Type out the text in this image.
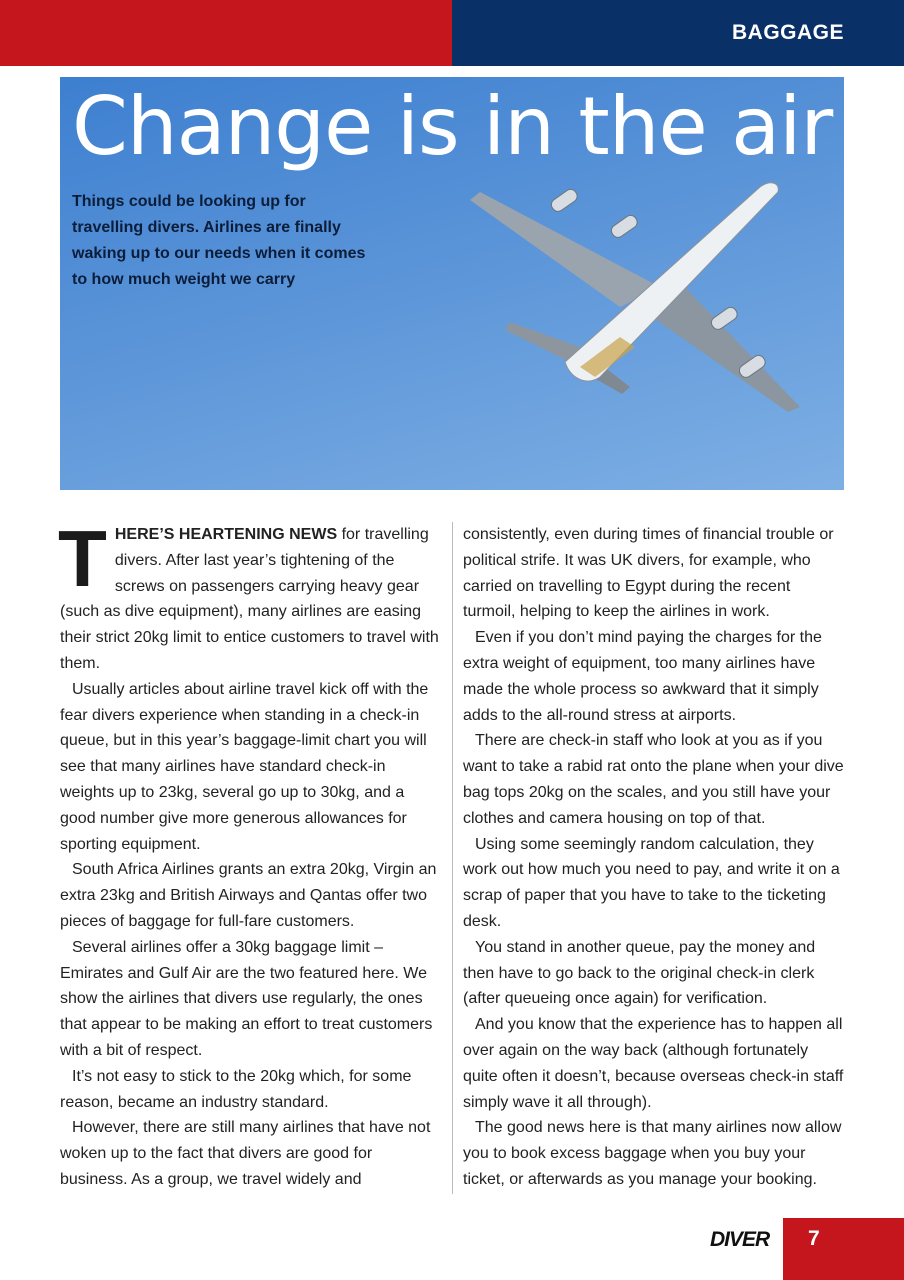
BAGGAGE
Change is in the air
Things could be looking up for travelling divers. Airlines are finally waking up to our needs when it comes to how much weight we carry

THERE’S HEARTENING NEWS for travelling divers. After last year’s tightening of the screws on passengers carrying heavy gear (such as dive equipment), many airlines are easing their strict 20kg limit to entice customers to travel with them.

Usually articles about airline travel kick off with the fear divers experience when standing in a check-in queue, but in this year’s baggage-limit chart you will see that many airlines have standard check-in weights up to 23kg, several go up to 30kg, and a good number give more generous allowances for sporting equipment.

South Africa Airlines grants an extra 20kg, Virgin an extra 23kg and British Airways and Qantas offer two pieces of baggage for full-fare customers.

Several airlines offer a 30kg baggage limit – Emirates and Gulf Air are the two featured here. We show the airlines that divers use regularly, the ones that appear to be making an effort to treat customers with a bit of respect.

It’s not easy to stick to the 20kg which, for some reason, became an industry standard.

However, there are still many airlines that have not woken up to the fact that divers are good for business. As a group, we travel widely and

consistently, even during times of financial trouble or political strife. It was UK divers, for example, who carried on travelling to Egypt during the recent turmoil, helping to keep the airlines in work.

Even if you don’t mind paying the charges for the extra weight of equipment, too many airlines have made the whole process so awkward that it simply adds to the all-round stress at airports.

There are check-in staff who look at you as if you want to take a rabid rat onto the plane when your dive bag tops 20kg on the scales, and you still have your clothes and camera housing on top of that.

Using some seemingly random calculation, they work out how much you need to pay, and write it on a scrap of paper that you have to take to the ticketing desk.

You stand in another queue, pay the money and then have to go back to the original check-in clerk (after queueing once again) for verification.

And you know that the experience has to happen all over again on the way back (although fortunately quite often it doesn’t, because overseas check-in staff simply wave it all through).

The good news here is that many airlines now allow you to book excess baggage when you buy your ticket, or afterwards as you manage your booking.

DIVER 7
